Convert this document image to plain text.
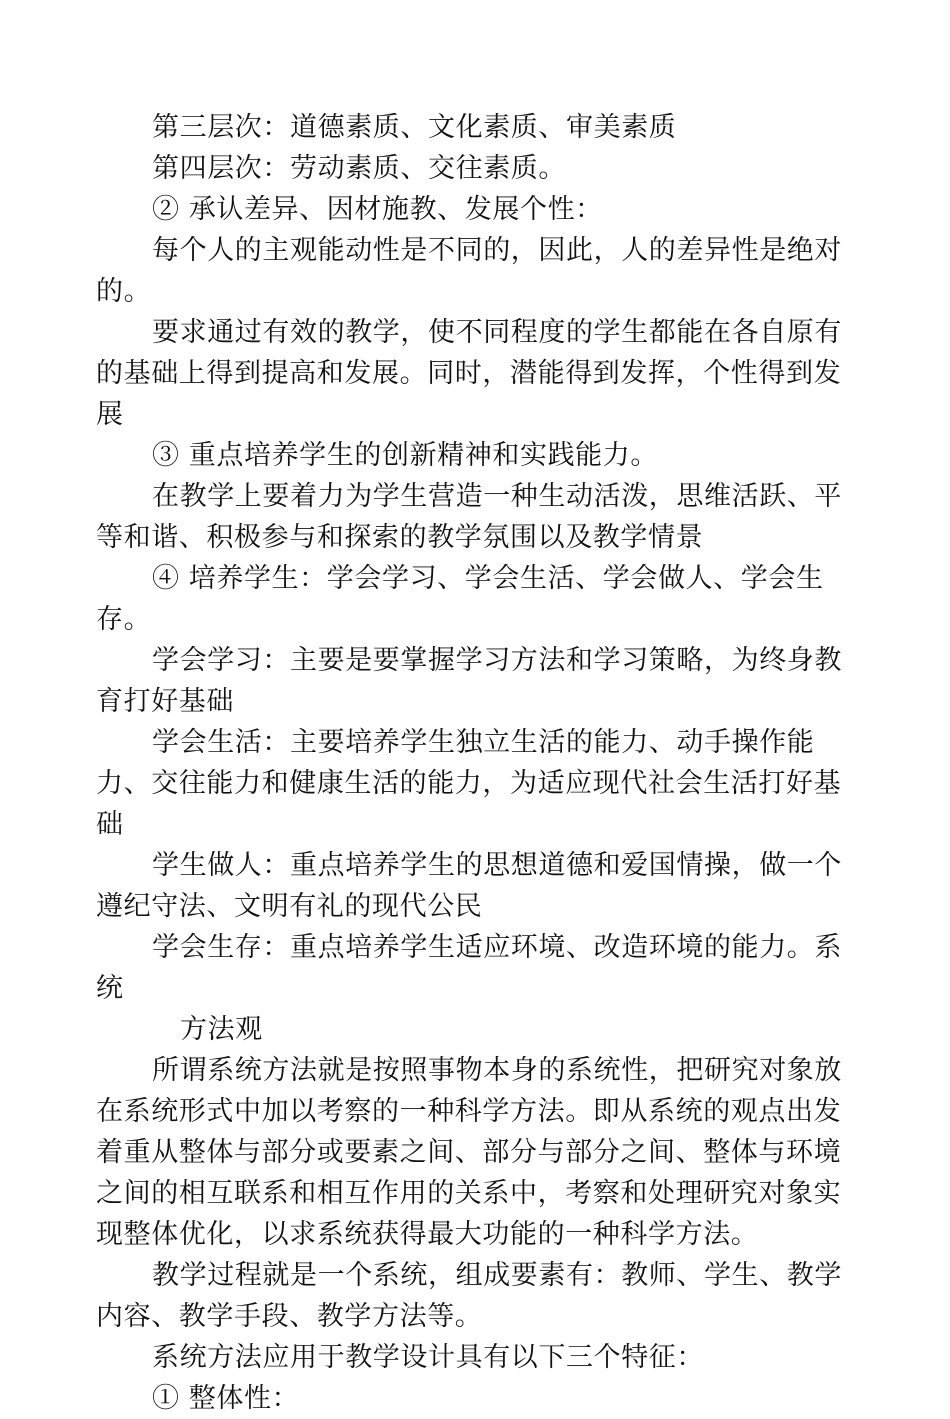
第三层次：道德素质、文化素质、审美素质

第四层次：劳动素质、交往素质。

② 承认差异、因材施教、发展个性：

每个人的主观能动性是不同的，因此，人的差异性是绝对的。

要求通过有效的教学，使不同程度的学生都能在各自原有的基础上得到提高和发展。同时，潜能得到发挥，个性得到发展

③ 重点培养学生的创新精神和实践能力。

在教学上要着力为学生营造一种生动活泼，思维活跃、平等和谐、积极参与和探索的教学氛围以及教学情景

④ 培养学生：学会学习、学会生活、学会做人、学会生存。

学会学习：主要是要掌握学习方法和学习策略，为终身教育打好基础

学会生活：主要培养学生独立生活的能力、动手操作能力、交往能力和健康生活的能力，为适应现代社会生活打好基础

学生做人：重点培养学生的思想道德和爱国情操，做一个遵纪守法、文明有礼的现代公民

学会生存：重点培养学生适应环境、改造环境的能力。系统

方法观

所谓系统方法就是按照事物本身的系统性，把研究对象放在系统形式中加以考察的一种科学方法。即从系统的观点出发着重从整体与部分或要素之间、部分与部分之间、整体与环境之间的相互联系和相互作用的关系中，考察和处理研究对象实现整体优化，以求系统获得最大功能的一种科学方法。

教学过程就是一个系统，组成要素有：教师、学生、教学内容、教学手段、教学方法等。

系统方法应用于教学设计具有以下三个特征：

① 整体性：
